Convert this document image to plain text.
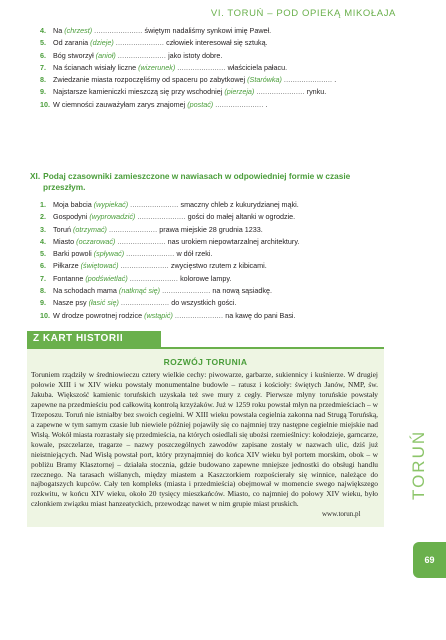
VI. TORUŃ – POD OPIEKĄ MIKOŁAJA
4. Na (chrzest) ...................... świętym nadaliśmy synkowi imię Paweł.
5. Od zarania (dzieje) ...................... człowiek interesował się sztuką.
6. Bóg stworzył (anioł) ...................... jako istoty dobre.
7. Na ścianach wisiały liczne (wizerunek) ...................... właściciela pałacu.
8. Zwiedzanie miasta rozpoczęliśmy od spaceru po zabytkowej (Starówka) ...................... .
9. Najstarsze kamieniczki mieszczą się przy wschodniej (pierzeja) ...................... rynku.
10. W ciemności zauważyłam zarys znajomej (postać) ...................... .
XI. Podaj czasowniki zamieszczone w nawiasach w odpowiedniej formie w czasie
przeszłym.
1. Moja babcia (wypiekać) ...................... smaczny chleb z kukurydzianej mąki.
2. Gospodyni (wyprowadzić) ...................... gości do małej altanki w ogrodzie.
3. Toruń (otrzymać) ...................... prawa miejskie 28 grudnia 1233.
4. Miasto (oczarować) ...................... nas urokiem niepowtarzalnej architektury.
5. Barki powoli (spływać) ...................... w dół rzeki.
6. Piłkarze (świętować) ...................... zwycięstwo rzutem z kibicami.
7. Fontanne (podświetlać) ...................... kolorowe lampy.
8. Na schodach mama (natknąć się) ...................... na nową sąsiadkę.
9. Nasze psy (łasić się) ...................... do wszystkich gości.
10. W drodze powrotnej rodzice (wstąpić) ...................... na kawę do pani Basi.
Z KART HISTORII
ROZWÓJ TORUNIA

Toruniem rządziły w średniowieczu cztery wielkie cechy: piwowarze, garbarze, sukiennicy i kuśnierze. W drugiej połowie XIII i w XIV wieku powstały monumentalne budowle – ratusz i kościoły: świętych Janów, NMP, św. Jakuba. Większość kamienic toruńskich uzyskała też swe mury z cegły. Pierwsze młyny toruńskie powstały zapewne na przedmieściu pod całkowitą kontrolą krzyżaków. Już w 1259 roku powstał młyn na przedmieściach – w Trzeposzu. Toruń nie istniałby bez swoich cegielni. W XIII wieku powstała cegielnia zakonna nad Strugą Toruńską, a zapewne w tym samym czasie lub niewiele później pojawiły się co najmniej trzy następne cegielnie miejskie nad Wisłą. Wokół miasta rozrastały się przedmieścia, na których osiedlali się ubożsi rzemieślnicy: kołodzieje, garncarze, kowale, pszczelarze, tragarze – nazwy poszczególnych zawodów zapisane zostały w nazwach ulic, dziś już nieistniejących. Nad Wisłą powstał port, który przynajmniej do końca XIV wieku był portem morskim, obok – w pobliżu Bramy Klasztornej – działała stocznia, gdzie budowano zapewne mniejsze jednostki do obsługi handlu rzecznego. Na tarasach wiślanych, między miastem a Kaszczorkiem rozpościerały się winnice, należące do najbogatszych kupców. Cały ten kompleks (miasta i przedmieścia) obejmował w momencie swego największego rozkwitu, w końcu XIV wieku, około 20 tysięcy mieszkańców. Miasto, co najmniej do połowy XIV wieku, było członkiem związku miast hanzeatyckich, przewodząc nawet w nim grupie miast pruskich.

www.torun.pl
TORUŃ
69
